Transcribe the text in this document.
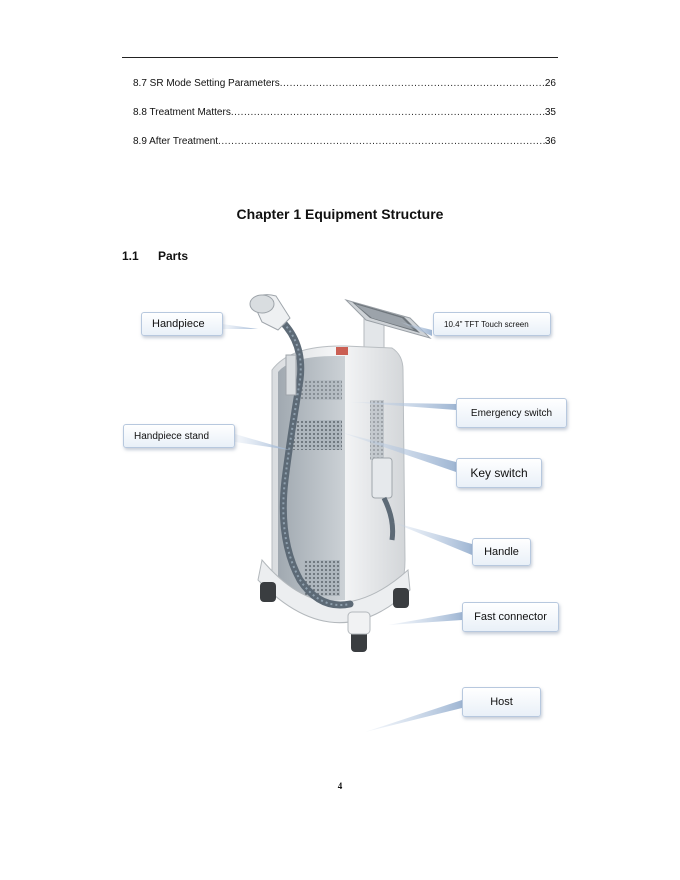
8.7 SR Mode Setting Parameters .....	26
8.8 Treatment Matters .....	35
8.9 After Treatment .....	36
Chapter 1 Equipment Structure
1.1 Parts
Handpiece	10.4" TFT Touch screen
Emergency switch
Handpiece stand
Key switch
Handle
Fast connector
Host
4
